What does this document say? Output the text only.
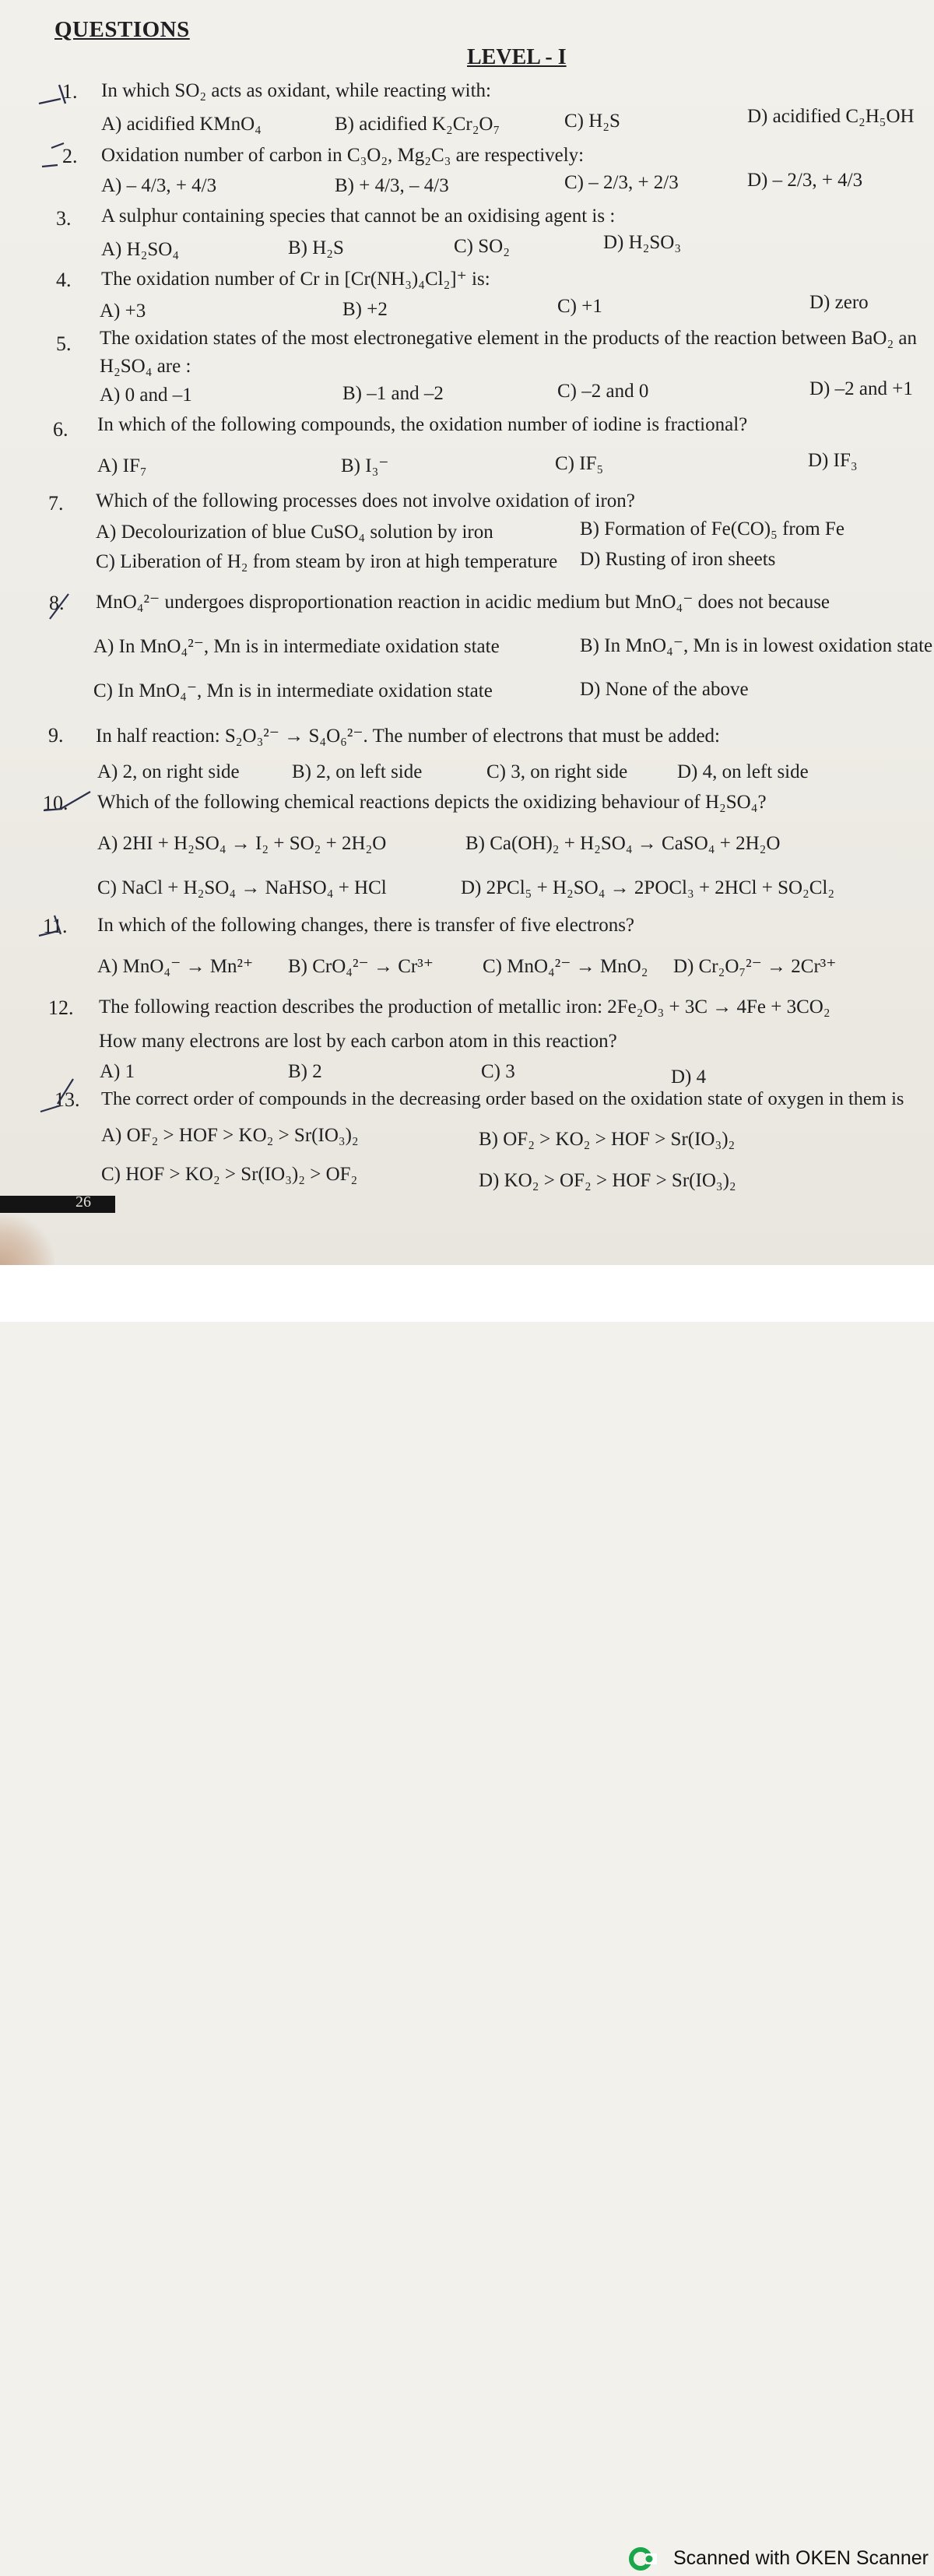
QUESTIONS
LEVEL - I
1. In which SO₂ acts as oxidant, while reacting with:
A) acidified KMnO₄	B) acidified K₂Cr₂O₇	C) H₂S	D) acidified C₂H₅OH
2. Oxidation number of carbon in C₃O₂, Mg₂C₃ are respectively:
A) – 4/3, + 4/3	B) + 4/3, – 4/3	C) – 2/3, + 2/3	D) – 2/3, + 4/3
3. A sulphur containing species that cannot be an oxidising agent is :
A) H₂SO₄	B) H₂S	C) SO₂	D) H₂SO₃
4. The oxidation number of Cr in [Cr(NH₃)₄Cl₂]⁺ is:
A) +3	B) +2	C) +1	D) zero
5. The oxidation states of the most electronegative element in the products of the reaction between BaO₂ an
H₂SO₄ are :
A) 0 and –1	B) –1 and –2	C) –2 and 0	D) –2 and +1
6. In which of the following compounds, the oxidation number of iodine is fractional?
A) IF₇	B) I₃⁻	C) IF₅	D) IF₃
7. Which of the following processes does not involve oxidation of iron?
A) Decolourization of blue CuSO₄ solution by iron	B) Formation of Fe(CO)₅ from Fe
C) Liberation of H₂ from steam by iron at high temperature D) Rusting of iron sheets
8. MnO₄²⁻ undergoes disproportionation reaction in acidic medium but MnO₄⁻ does not because
A) In MnO₄²⁻, Mn is in intermediate oxidation state	B) In MnO₄⁻, Mn is in lowest oxidation state
C) In MnO₄⁻, Mn is in intermediate oxidation state	D) None of the above
9. In half reaction: S₂O₃²⁻ → S₄O₆²⁻. The number of electrons that must be added:
A) 2, on right side	B) 2, on left side	C) 3, on right side	D) 4, on left side
10. Which of the following chemical reactions depicts the oxidizing behaviour of H₂SO₄?
A) 2HI + H₂SO₄ → I₂ + SO₂ + 2H₂O	B) Ca(OH)₂ + H₂SO₄ → CaSO₄ + 2H₂O
C) NaCl + H₂SO₄ → NaHSO₄ + HCl	D) 2PCl₅ + H₂SO₄ → 2POCl₃ + 2HCl + SO₂Cl₂
11. In which of the following changes, there is transfer of five electrons?
A) MnO₄⁻ → Mn²⁺ B) CrO₄²⁻ → Cr³⁺	C) MnO₄²⁻ → MnO₂ D) Cr₂O₇²⁻ → 2Cr³⁺
12. The following reaction describes the production of metallic iron: 2Fe₂O₃ + 3C → 4Fe + 3CO₂
How many electrons are lost by each carbon atom in this reaction?
A) 1	B) 2	C) 3	D) 4
13. The correct order of compounds in the decreasing order based on the oxidation state of oxygen in them is
A) OF₂ > HOF > KO₂ > Sr(IO₃)₂	B) OF₂ > KO₂ > HOF > Sr(IO₃)₂
C) HOF > KO₂ > Sr(IO₃)₂ > OF₂	D) KO₂ > OF₂ > HOF > Sr(IO₃)₂
26
Scanned with OKEN Scanner
